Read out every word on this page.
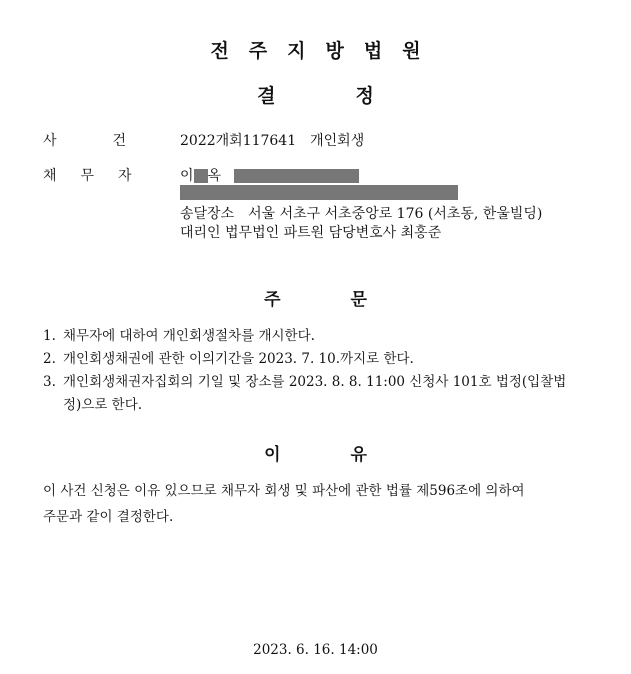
전주지방법원
결정
사건
2022개회117641　개인회생
채무자 이 옥
송달장소　서울 서초구 서초중앙로 176 (서초동, 한울빌딩)
대리인 법무법인 파트원 담당변호사 최홍준
주문
1. 채무자에 대하여 개인회생절차를 개시한다.
2. 개인회생채권에 관한 이의기간을 2023. 7. 10.까지로 한다.
3. 개인회생채권자집회의 기일 및 장소를 2023. 8. 8. 11:00 신청사 101호 법정(입찰법
정)으로 한다.
이유
이 사건 신청은 이유 있으므로 채무자 회생 및 파산에 관한 법률 제596조에 의하여
주문과 같이 결정한다.
2023. 6. 16. 14:00
